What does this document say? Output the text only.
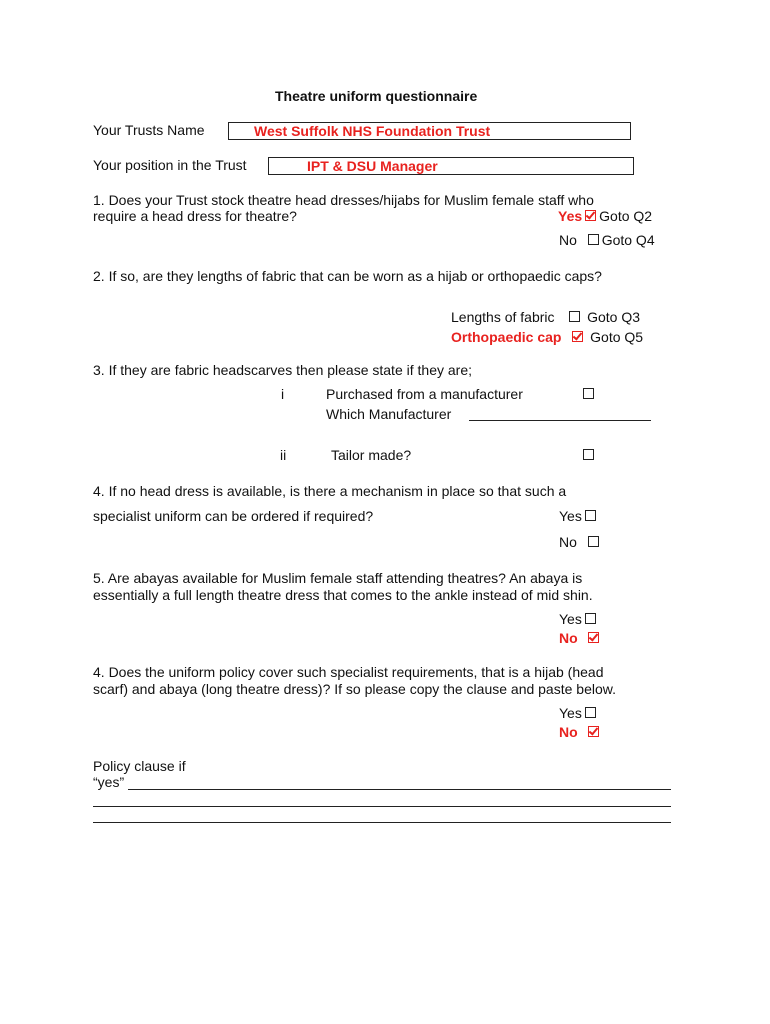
Theatre uniform questionnaire
Your Trusts Name	West Suffolk NHS Foundation Trust
Your position in the Trust	IPT & DSU Manager
1. Does your Trust stock theatre head dresses/hijabs for Muslim female staff who
require a head dress for theatre?	Yes Goto Q2
No Goto Q4
2. If so, are they lengths of fabric that can be worn as a hijab or orthopaedic caps?
Lengths of fabric Goto Q3
Orthopaedic cap Goto Q5
3. If they are fabric headscarves then please state if they are;
i	Purchased from a manufacturer
Which Manufacturer
ii	Tailor made?
4. If no head dress is available, is there a mechanism in place so that such a
specialist uniform can be ordered if required?	Yes
No
5. Are abayas available for Muslim female staff attending theatres? An abaya is
essentially a full length theatre dress that comes to the ankle instead of mid shin.
Yes
No
4. Does the uniform policy cover such specialist requirements, that is a hijab (head
scarf) and abaya (long theatre dress)? If so please copy the clause and paste below.
Yes
No
Policy clause if
“yes”
